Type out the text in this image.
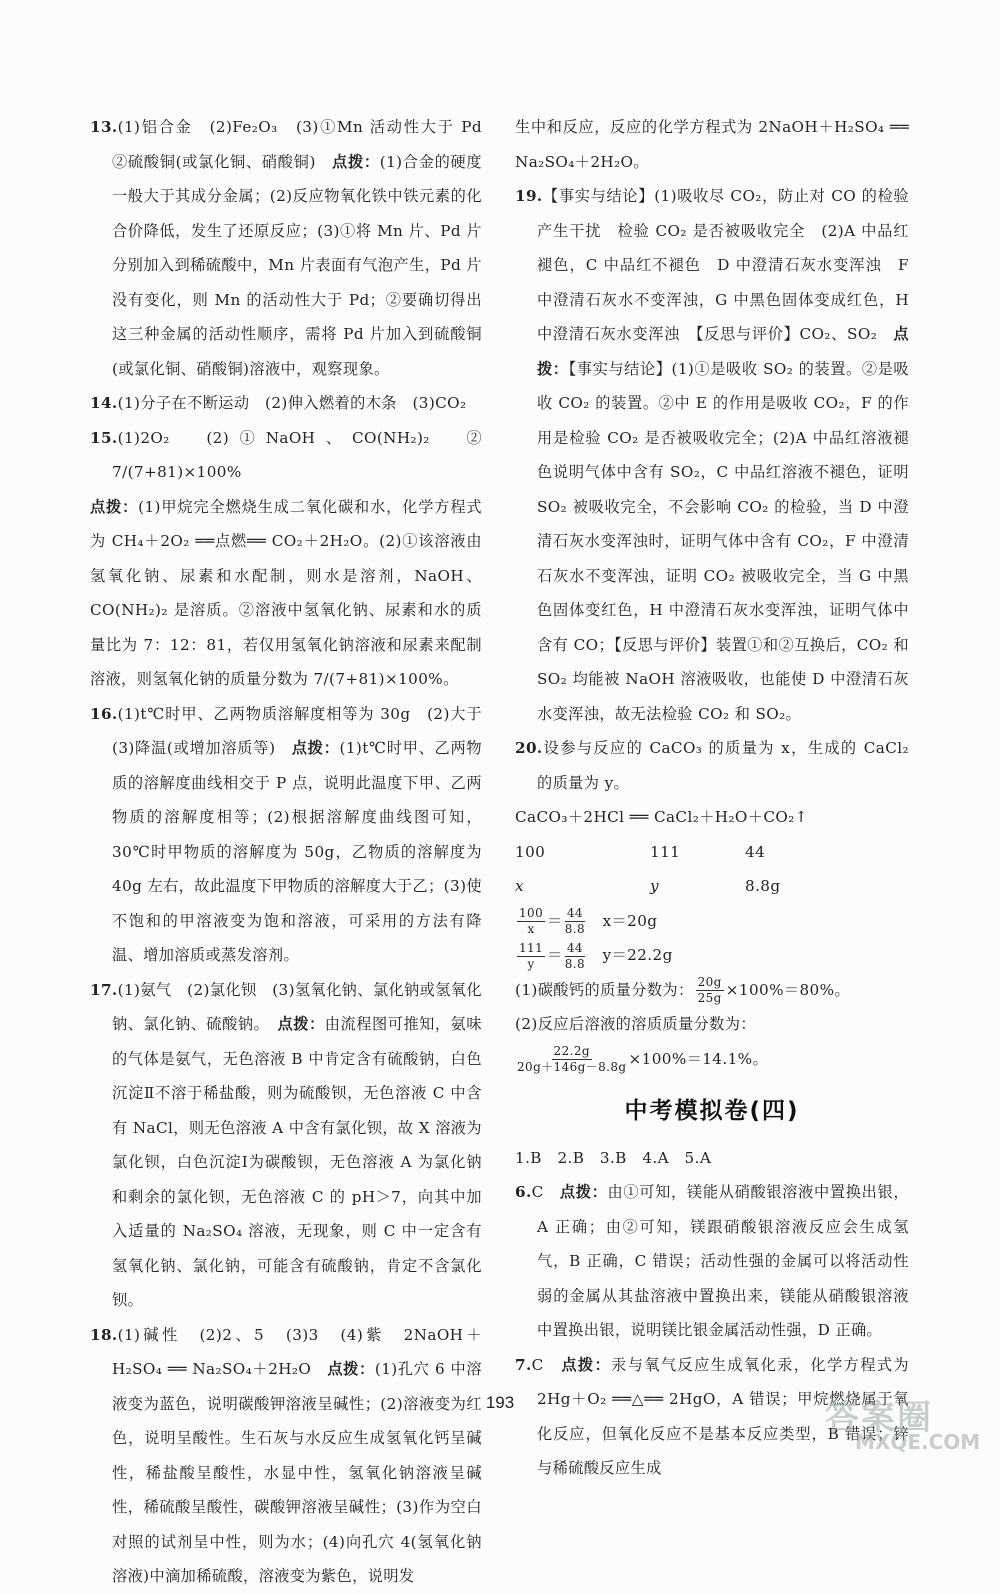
13.(1)铝合金　(2)Fe₂O₃　(3)①Mn 活动性大于 Pd　②硫酸铜(或氯化铜、硝酸铜)　点拨：(1)合金的硬度一般大于其成分金属；(2)反应物氧化铁中铁元素的化合价降低，发生了还原反应；(3)①将 Mn 片、Pd 片分别加入到稀硫酸中，Mn 片表面有气泡产生，Pd 片没有变化，则 Mn 的活动性大于 Pd；②要确切得出这三种金属的活动性顺序，需将 Pd 片加入到硫酸铜(或氯化铜、硝酸铜)溶液中，观察现象。

14.(1)分子在不断运动　(2)伸入燃着的木条　(3)CO₂

15.(1)2O₂　(2)①NaOH、CO(NH₂)₂　② 7/(7+81)×100%

点拨：(1)甲烷完全燃烧生成二氧化碳和水，化学方程式为 CH₄＋2O₂ ══点燃══ CO₂＋2H₂O。(2)①该溶液由氢氧化钠、尿素和水配制，则水是溶剂，NaOH、CO(NH₂)₂ 是溶质。②溶液中氢氧化钠、尿素和水的质量比为 7：12：81，若仅用氢氧化钠溶液和尿素来配制溶液，则氢氧化钠的质量分数为 7/(7+81)×100%。

16.(1)t℃时甲、乙两物质溶解度相等为 30g　(2)大于　(3)降温(或增加溶质等)　点拨：(1)t℃时甲、乙两物质的溶解度曲线相交于 P 点，说明此温度下甲、乙两物质的溶解度相等；(2)根据溶解度曲线图可知，30℃时甲物质的溶解度为 50g，乙物质的溶解度为 40g 左右，故此温度下甲物质的溶解度大于乙；(3)使不饱和的甲溶液变为饱和溶液，可采用的方法有降温、增加溶质或蒸发溶剂。

17.(1)氨气　(2)氯化钡　(3)氢氧化钠、氯化钠或氢氧化钠、氯化钠、硫酸钠。　点拨：由流程图可推知，氨味的气体是氨气，无色溶液 B 中肯定含有硫酸钠，白色沉淀Ⅱ不溶于稀盐酸，则为硫酸钡，无色溶液 C 中含有 NaCl，则无色溶液 A 中含有氯化钡，故 X 溶液为氯化钡，白色沉淀Ⅰ为碳酸钡，无色溶液 A 为氯化钠和剩余的氯化钡，无色溶液 C 的 pH＞7，向其中加入适量的 Na₂SO₄ 溶液，无现象，则 C 中一定含有氢氧化钠、氯化钠，可能含有硫酸钠，肯定不含氯化钡。

18.(1)碱性　(2)2、5　(3)3　(4)紫　2NaOH＋H₂SO₄ ══ Na₂SO₄＋2H₂O　点拨：(1)孔穴 6 中溶液变为蓝色，说明碳酸钾溶液呈碱性；(2)溶液变为红色，说明呈酸性。生石灰与水反应生成氢氧化钙呈碱性，稀盐酸呈酸性，水显中性，氢氧化钠溶液呈碱性，稀硫酸呈酸性，碳酸钾溶液呈碱性；(3)作为空白对照的试剂呈中性，则为水；(4)向孔穴 4(氢氧化钠溶液)中滴加稀硫酸，溶液变为紫色，说明发

生中和反应，反应的化学方程式为 2NaOH＋H₂SO₄ ══ Na₂SO₄＋2H₂O。

19.【事实与结论】(1)吸收尽 CO₂，防止对 CO 的检验产生干扰　检验 CO₂ 是否被吸收完全　(2)A 中品红褪色，C 中品红不褪色　D 中澄清石灰水变浑浊　F 中澄清石灰水不变浑浊，G 中黑色固体变成红色，H 中澄清石灰水变浑浊　【反思与评价】CO₂、SO₂　点拨：【事实与结论】(1)①是吸收 SO₂ 的装置。②是吸收 CO₂ 的装置。②中 E 的作用是吸收 CO₂，F 的作用是检验 CO₂ 是否被吸收完全；(2)A 中品红溶液褪色说明气体中含有 SO₂，C 中品红溶液不褪色，证明 SO₂ 被吸收完全，不会影响 CO₂ 的检验，当 D 中澄清石灰水变浑浊时，证明气体中含有 CO₂，F 中澄清石灰水不变浑浊，证明 CO₂ 被吸收完全，当 G 中黑色固体变红色，H 中澄清石灰水变浑浊，证明气体中含有 CO；【反思与评价】装置①和②互换后，CO₂ 和 SO₂ 均能被 NaOH 溶液吸收，也能使 D 中澄清石灰水变浑浊，故无法检验 CO₂ 和 SO₂。

20.设参与反应的 CaCO₃ 的质量为 x，生成的 CaCl₂ 的质量为 y。

CaCO₃＋2HCl ══ CaCl₂＋H₂O＋CO₂↑

100	111	44
x	y	8.8g
$\frac{100}{x} = \frac{44}{8.8}$
　 x＝20g
$\frac{111}{y} = \frac{44}{8.8}$
　 y＝22.2g
(1)碳酸钙的质量分数为： $\frac{20g}{25g} \times 100\%=80\%$。
(2)反应后溶液的溶质质量分数为：
$\frac{22.2g}{20g+146g-8.8g} \times 100\%=14.1\%$。
中考模拟卷(四)

1.B　2.B　3.B　4.A　5.A

6.C　点拨：由①可知，镁能从硝酸银溶液中置换出银，A 正确；由②可知，镁跟硝酸银溶液反应会生成氢气，B 正确，C 错误；活动性强的金属可以将活动性弱的金属从其盐溶液中置换出来，镁能从硝酸银溶液中置换出银，说明镁比银金属活动性强，D 正确。

7.C　点拨：汞与氧气反应生成氧化汞，化学方程式为 2Hg＋O₂ ══△══ 2HgO，A 错误；甲烷燃烧属于氧化反应，但氧化反应不是基本反应类型，B 错误；锌与稀硫酸反应生成

193	答案圈
MXQE.COM
